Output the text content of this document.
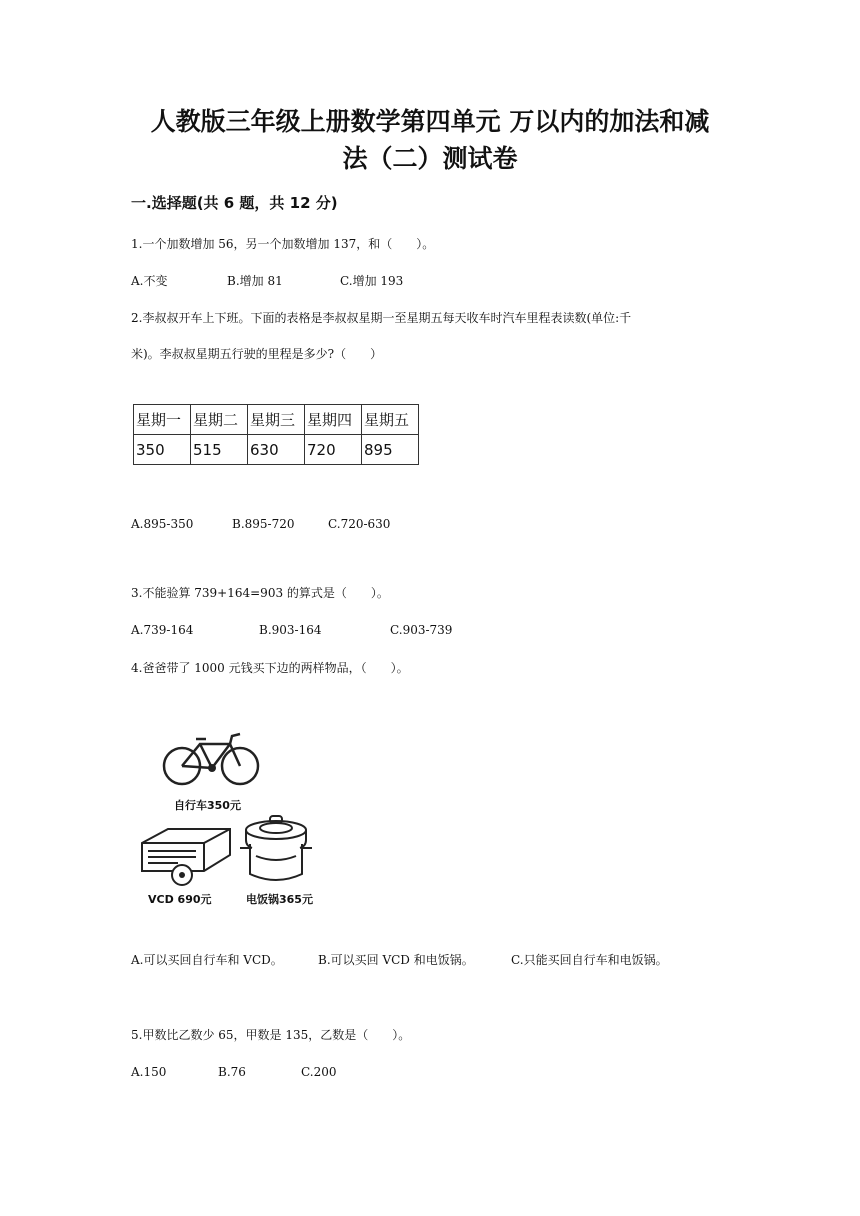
人教版三年级上册数学第四单元 万以内的加法和减
法（二）测试卷
一.选择题(共 6 题，共 12 分)
1.一个加数增加 56，另一个加数增加 137，和（　　）。
A.不变	B.增加 81	C.增加 193
2.李叔叔开车上下班。下面的表格是李叔叔星期一至星期五每天收车时汽车里程表读数(单位:千
米)。李叔叔星期五行驶的里程是多少?（　　）
星期一	星期二	星期三	星期四	星期五
350	515	630	720	895
A.895-350	B.895-720	C.720-630
3.不能验算 739+164=903 的算式是（　　）。
A.739-164	B.903-164	C.903-739
4.爸爸带了 1000 元钱买下边的两样物品，（　　）。
自行车350元
VCD 690元	电饭锅365元
A.可以买回自行车和 VCD。	B.可以买回 VCD 和电饭锅。	C.只能买回自行车和电饭锅。
5.甲数比乙数少 65，甲数是 135，乙数是（　　）。
A.150	B.76	C.200
